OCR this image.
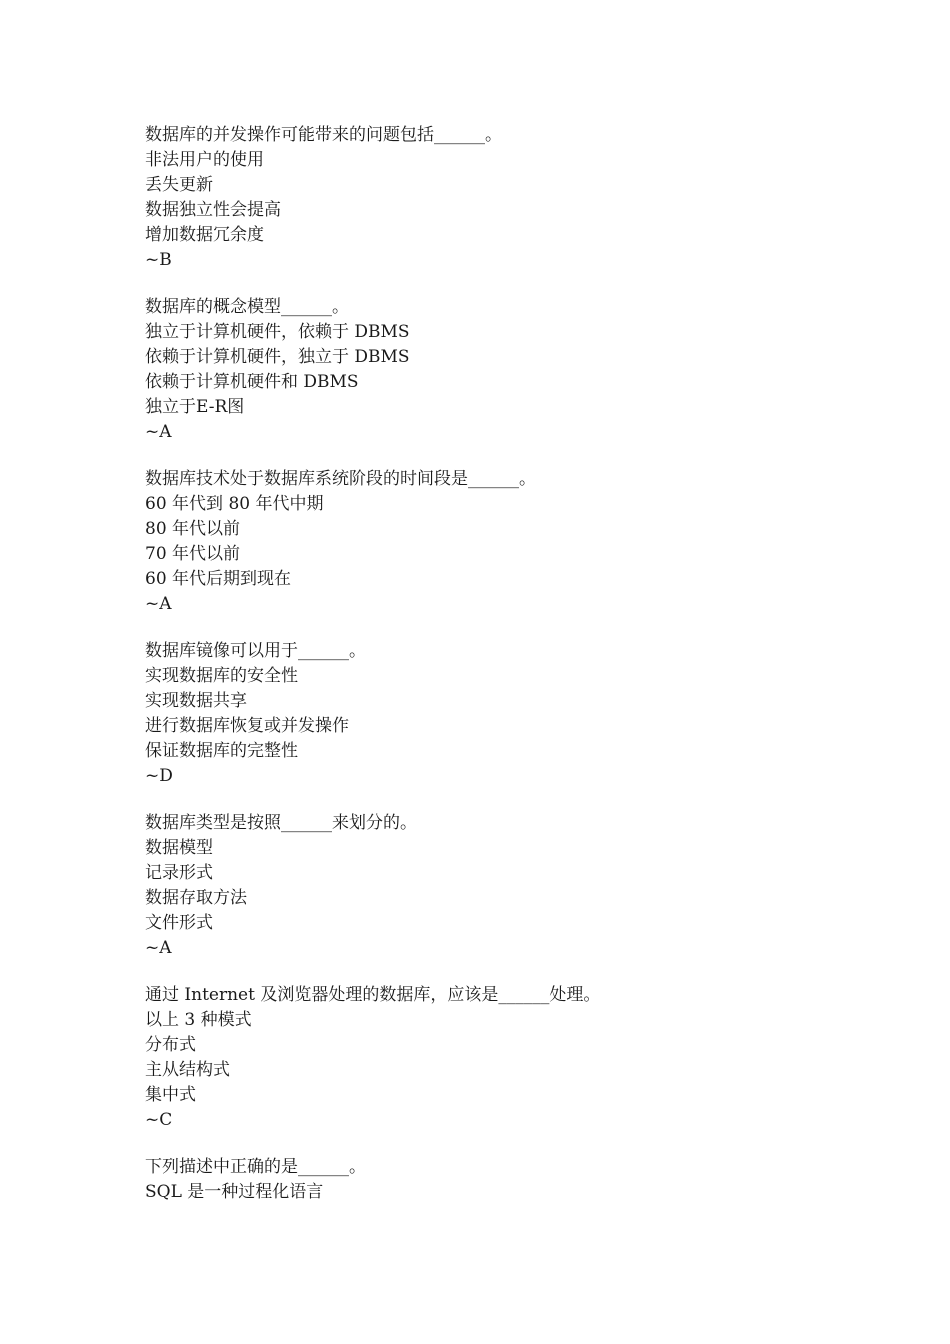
数据库的并发操作可能带来的问题包括______。
非法用户的使用
丢失更新
数据独立性会提高
增加数据冗余度
~B
数据库的概念模型______。
独立于计算机硬件，依赖于 DBMS
依赖于计算机硬件，独立于 DBMS
依赖于计算机硬件和 DBMS
独立于E-R图
~A
数据库技术处于数据库系统阶段的时间段是______。
60 年代到 80 年代中期
80 年代以前
70 年代以前
60 年代后期到现在
~A
数据库镜像可以用于______。
实现数据库的安全性
实现数据共享
进行数据库恢复或并发操作
保证数据库的完整性
~D
数据库类型是按照______来划分的。
数据模型
记录形式
数据存取方法
文件形式
~A
通过 Internet 及浏览器处理的数据库，应该是______处理。
以上 3 种模式
分布式
主从结构式
集中式
~C
下列描述中正确的是______。
SQL 是一种过程化语言
